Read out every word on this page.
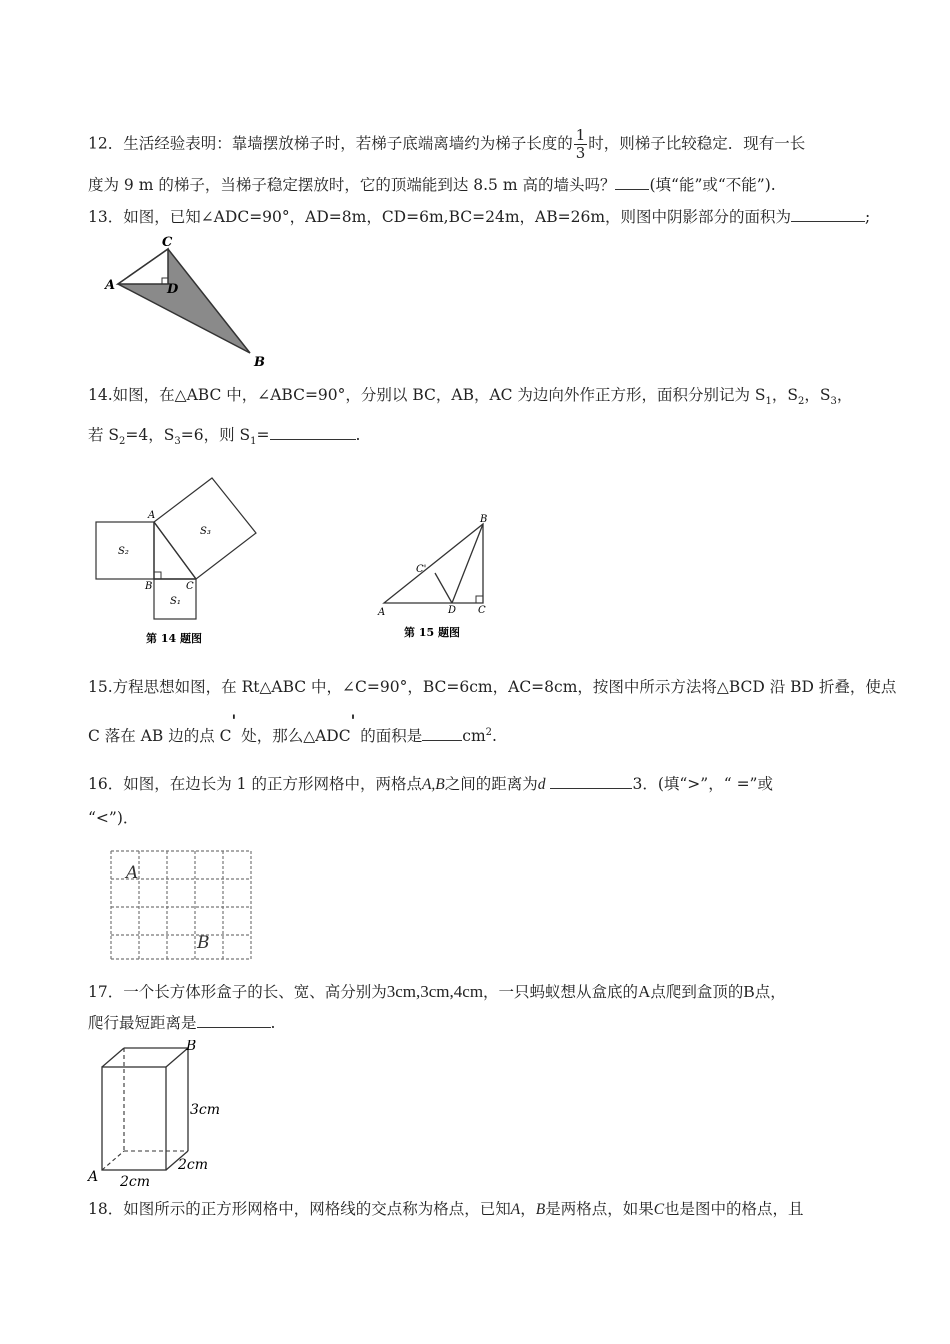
12．生活经验表明：靠墙摆放梯子时，若梯子底端离墙约为梯子长度的 $\frac{1}{3}$ 时，则梯子比较稳定．现有一长
度为 9 m 的梯子，当梯子稳定摆放时，它的顶端能到达 8.5 m 高的墙头吗？ (填“能”或“不能”).
13．如图，已知∠ADC=90°，AD=8m，CD=6m,BC=24m，AB=26m，则图中阴影部分的面积为	;
A
C
D
B
14.如图，在△ABC 中，∠ABC=90°，分别以 BC，AB，AC 为边向外作正方形，面积分别记为 $S_1$，$S_2$，$S_3$，
若 $S_2=4$，$S_3=6$，则 $S_1=$	.
A
B	C
S₂
S₁
S₃
第 14 题图
A
B
C
C'
D
第 15 题图
15.方程思想如图，在 Rt△ABC 中，∠C=90°，BC=6cm，AC=8cm，按图中所示方法将△BCD 沿 BD 折叠，使点
C 落在 AB 边的点 C' 处，那么△ADC' 的面积是	$cm^2$.
16．如图，在边长为 1 的正方形网格中，两格点A,B之间的距离为d	3．(填“>”，“ =”或
“<”)．
A
B
17．一个长方体形盒子的长、宽、高分别为3cm,3cm,4cm，一只蚂蚁想从盒底的A点爬到盒顶的B点，
爬行最短距离是	.
A
B
3cm
2cm
2cm
18．如图所示的正方形网格中，网格线的交点称为格点，已知A，B是两格点，如果C也是图中的格点，且
